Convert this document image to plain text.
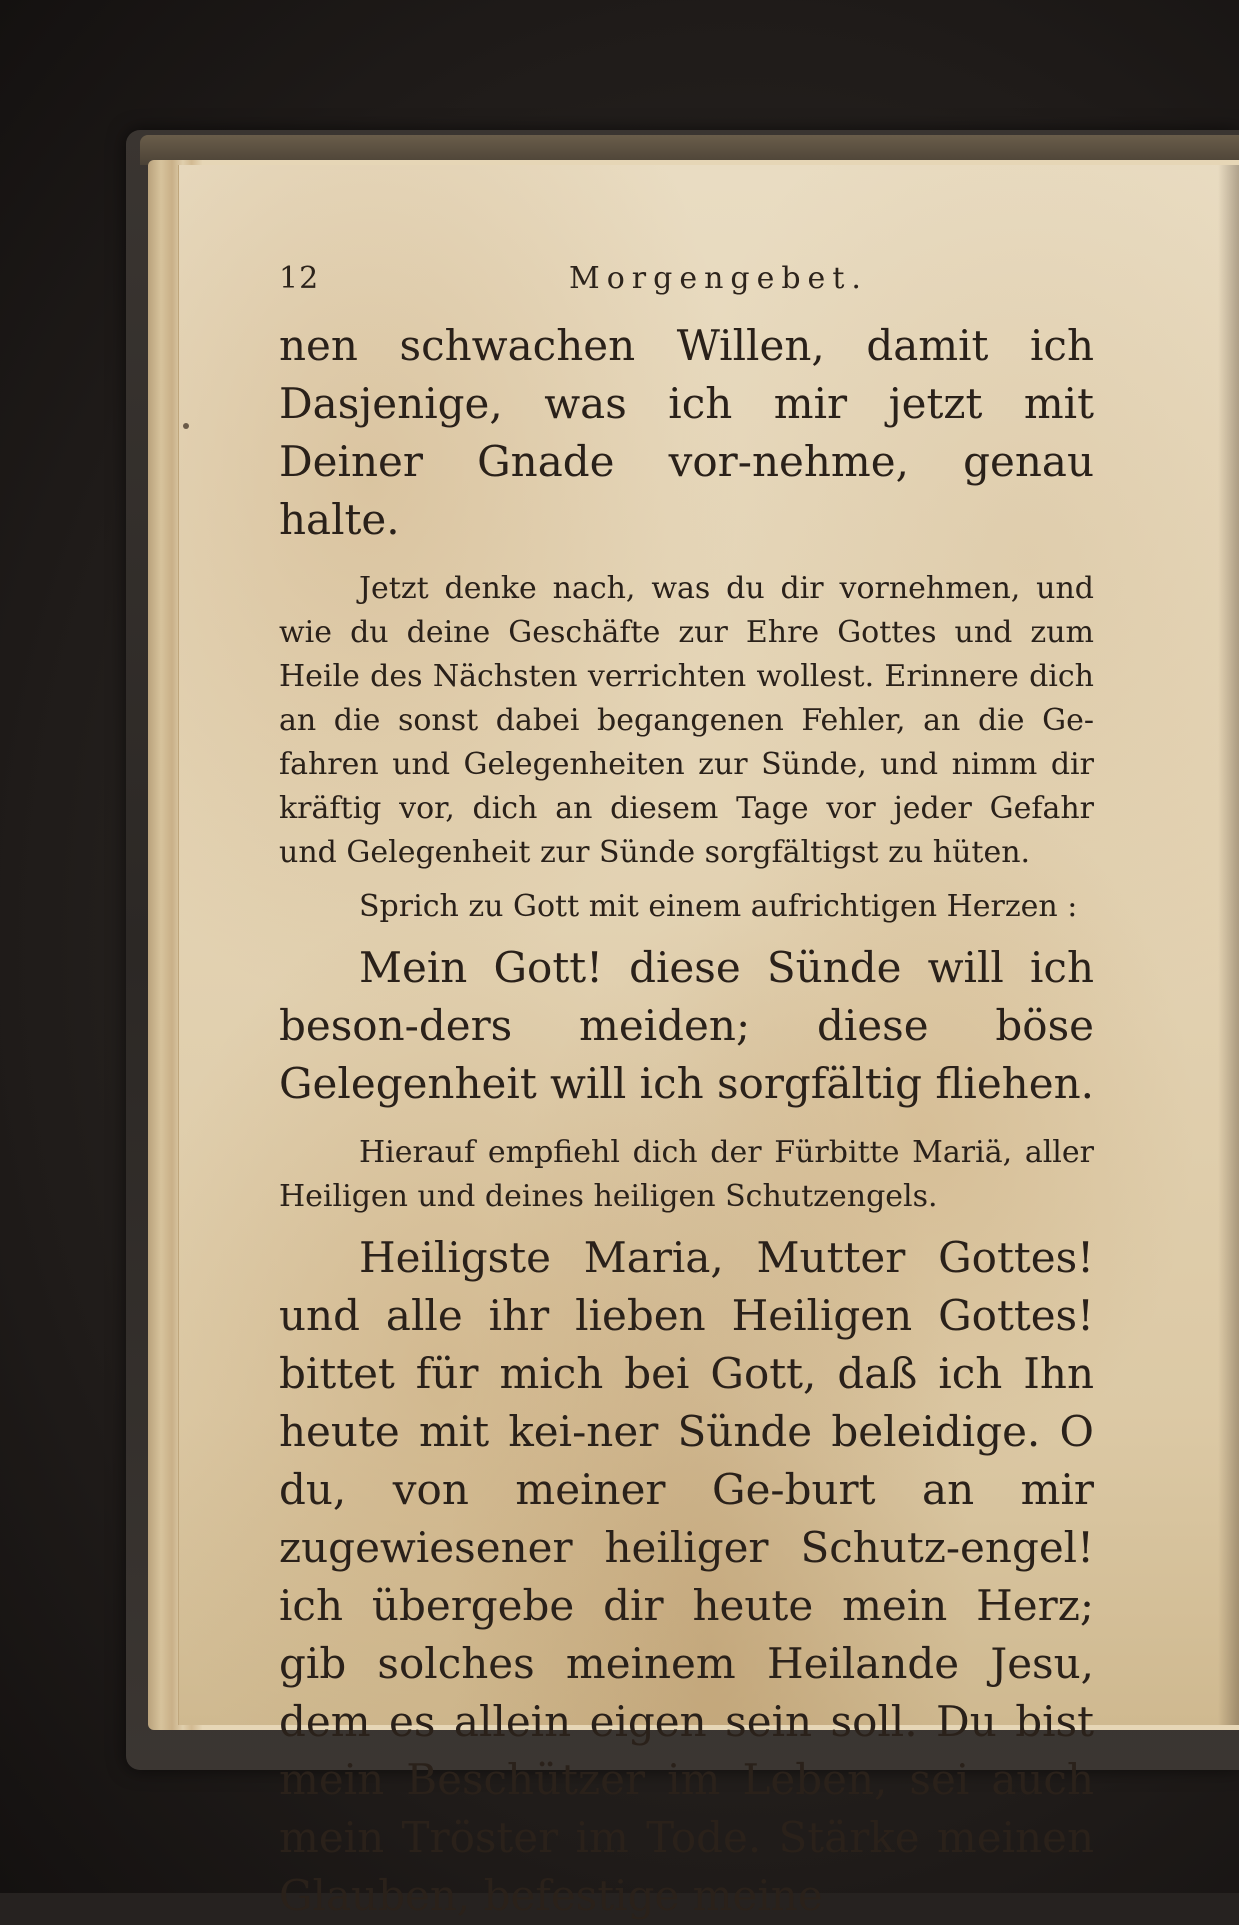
12	Morgengebet.

nen schwachen Willen, damit ich Dasjenige, was ich mir jetzt mit Deiner Gnade vor-nehme, genau halte.

Jetzt denke nach, was du dir vornehmen, und wie du deine Geschäfte zur Ehre Gottes und zum Heile des Nächsten verrichten wollest. Erinnere dich an die sonst dabei begangenen Fehler, an die Ge-fahren und Gelegenheiten zur Sünde, und nimm dir kräftig vor, dich an diesem Tage vor jeder Gefahr und Gelegenheit zur Sünde sorgfältigst zu hüten.

Sprich zu Gott mit einem aufrichtigen Herzen :

Mein Gott! diese Sünde will ich beson-ders meiden; diese böse Gelegenheit will ich sorgfältig fliehen.

Hierauf empfiehl dich der Fürbitte Mariä, aller Heiligen und deines heiligen Schutzengels.

Heiligste Maria, Mutter Gottes! und alle ihr lieben Heiligen Gottes! bittet für mich bei Gott, daß ich Ihn heute mit kei-ner Sünde beleidige. O du, von meiner Ge-burt an mir zugewiesener heiliger Schutz-engel! ich übergebe dir heute mein Herz; gib solches meinem Heilande Jesu, dem es allein eigen sein soll. Du bist mein Beschützer im Leben, sei auch mein Tröster im Tode. Stärke meinen Glauben, befestige meine
